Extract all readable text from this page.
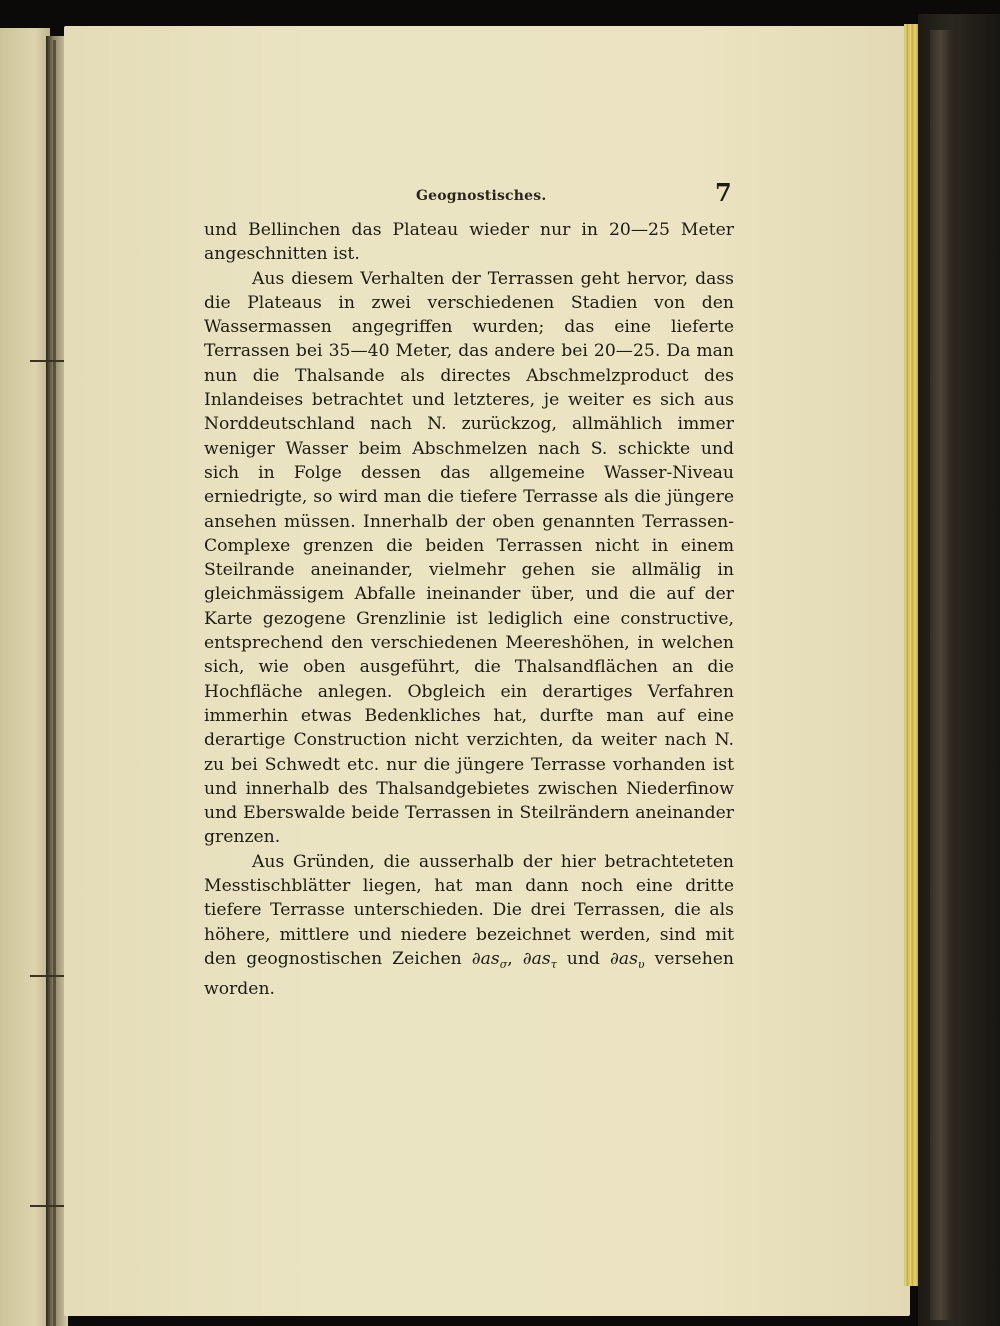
Geognostisches.	7

und Bellinchen das Plateau wieder nur in 20—25 Meter angeschnitten ist.

Aus diesem Verhalten der Terrassen geht hervor, dass die Plateaus in zwei verschiedenen Stadien von den Wassermassen angegriffen wurden; das eine lieferte Terrassen bei 35—40 Meter, das andere bei 20—25. Da man nun die Thalsande als directes Abschmelzproduct des Inlandeises betrachtet und letzteres, je weiter es sich aus Norddeutschland nach N. zurückzog, allmählich immer weniger Wasser beim Abschmelzen nach S. schickte und sich in Folge dessen das allgemeine Wasser-Niveau erniedrigte, so wird man die tiefere Terrasse als die jüngere ansehen müssen. Innerhalb der oben genannten Terrassen-Complexe grenzen die beiden Terrassen nicht in einem Steilrande aneinander, vielmehr gehen sie allmälig in gleichmässigem Abfalle ineinander über, und die auf der Karte gezogene Grenzlinie ist lediglich eine constructive, entsprechend den verschiedenen Meereshöhen, in welchen sich, wie oben ausgeführt, die Thalsandflächen an die Hochfläche anlegen. Obgleich ein derartiges Verfahren immerhin etwas Bedenkliches hat, durfte man auf eine derartige Construction nicht verzichten, da weiter nach N. zu bei Schwedt etc. nur die jüngere Terrasse vorhanden ist und innerhalb des Thalsandgebietes zwischen Niederfinow und Eberswalde beide Terrassen in Steilrändern aneinander grenzen.

Aus Gründen, die ausserhalb der hier betrachteteten Messtischblätter liegen, hat man dann noch eine dritte tiefere Terrasse unterschieden. Die drei Terrassen, die als höhere, mittlere und niedere bezeichnet werden, sind mit den geognostischen Zeichen $\partial as_\sigma$, $\partial as_\tau$ und $\partial as_\upsilon$ versehen worden.
